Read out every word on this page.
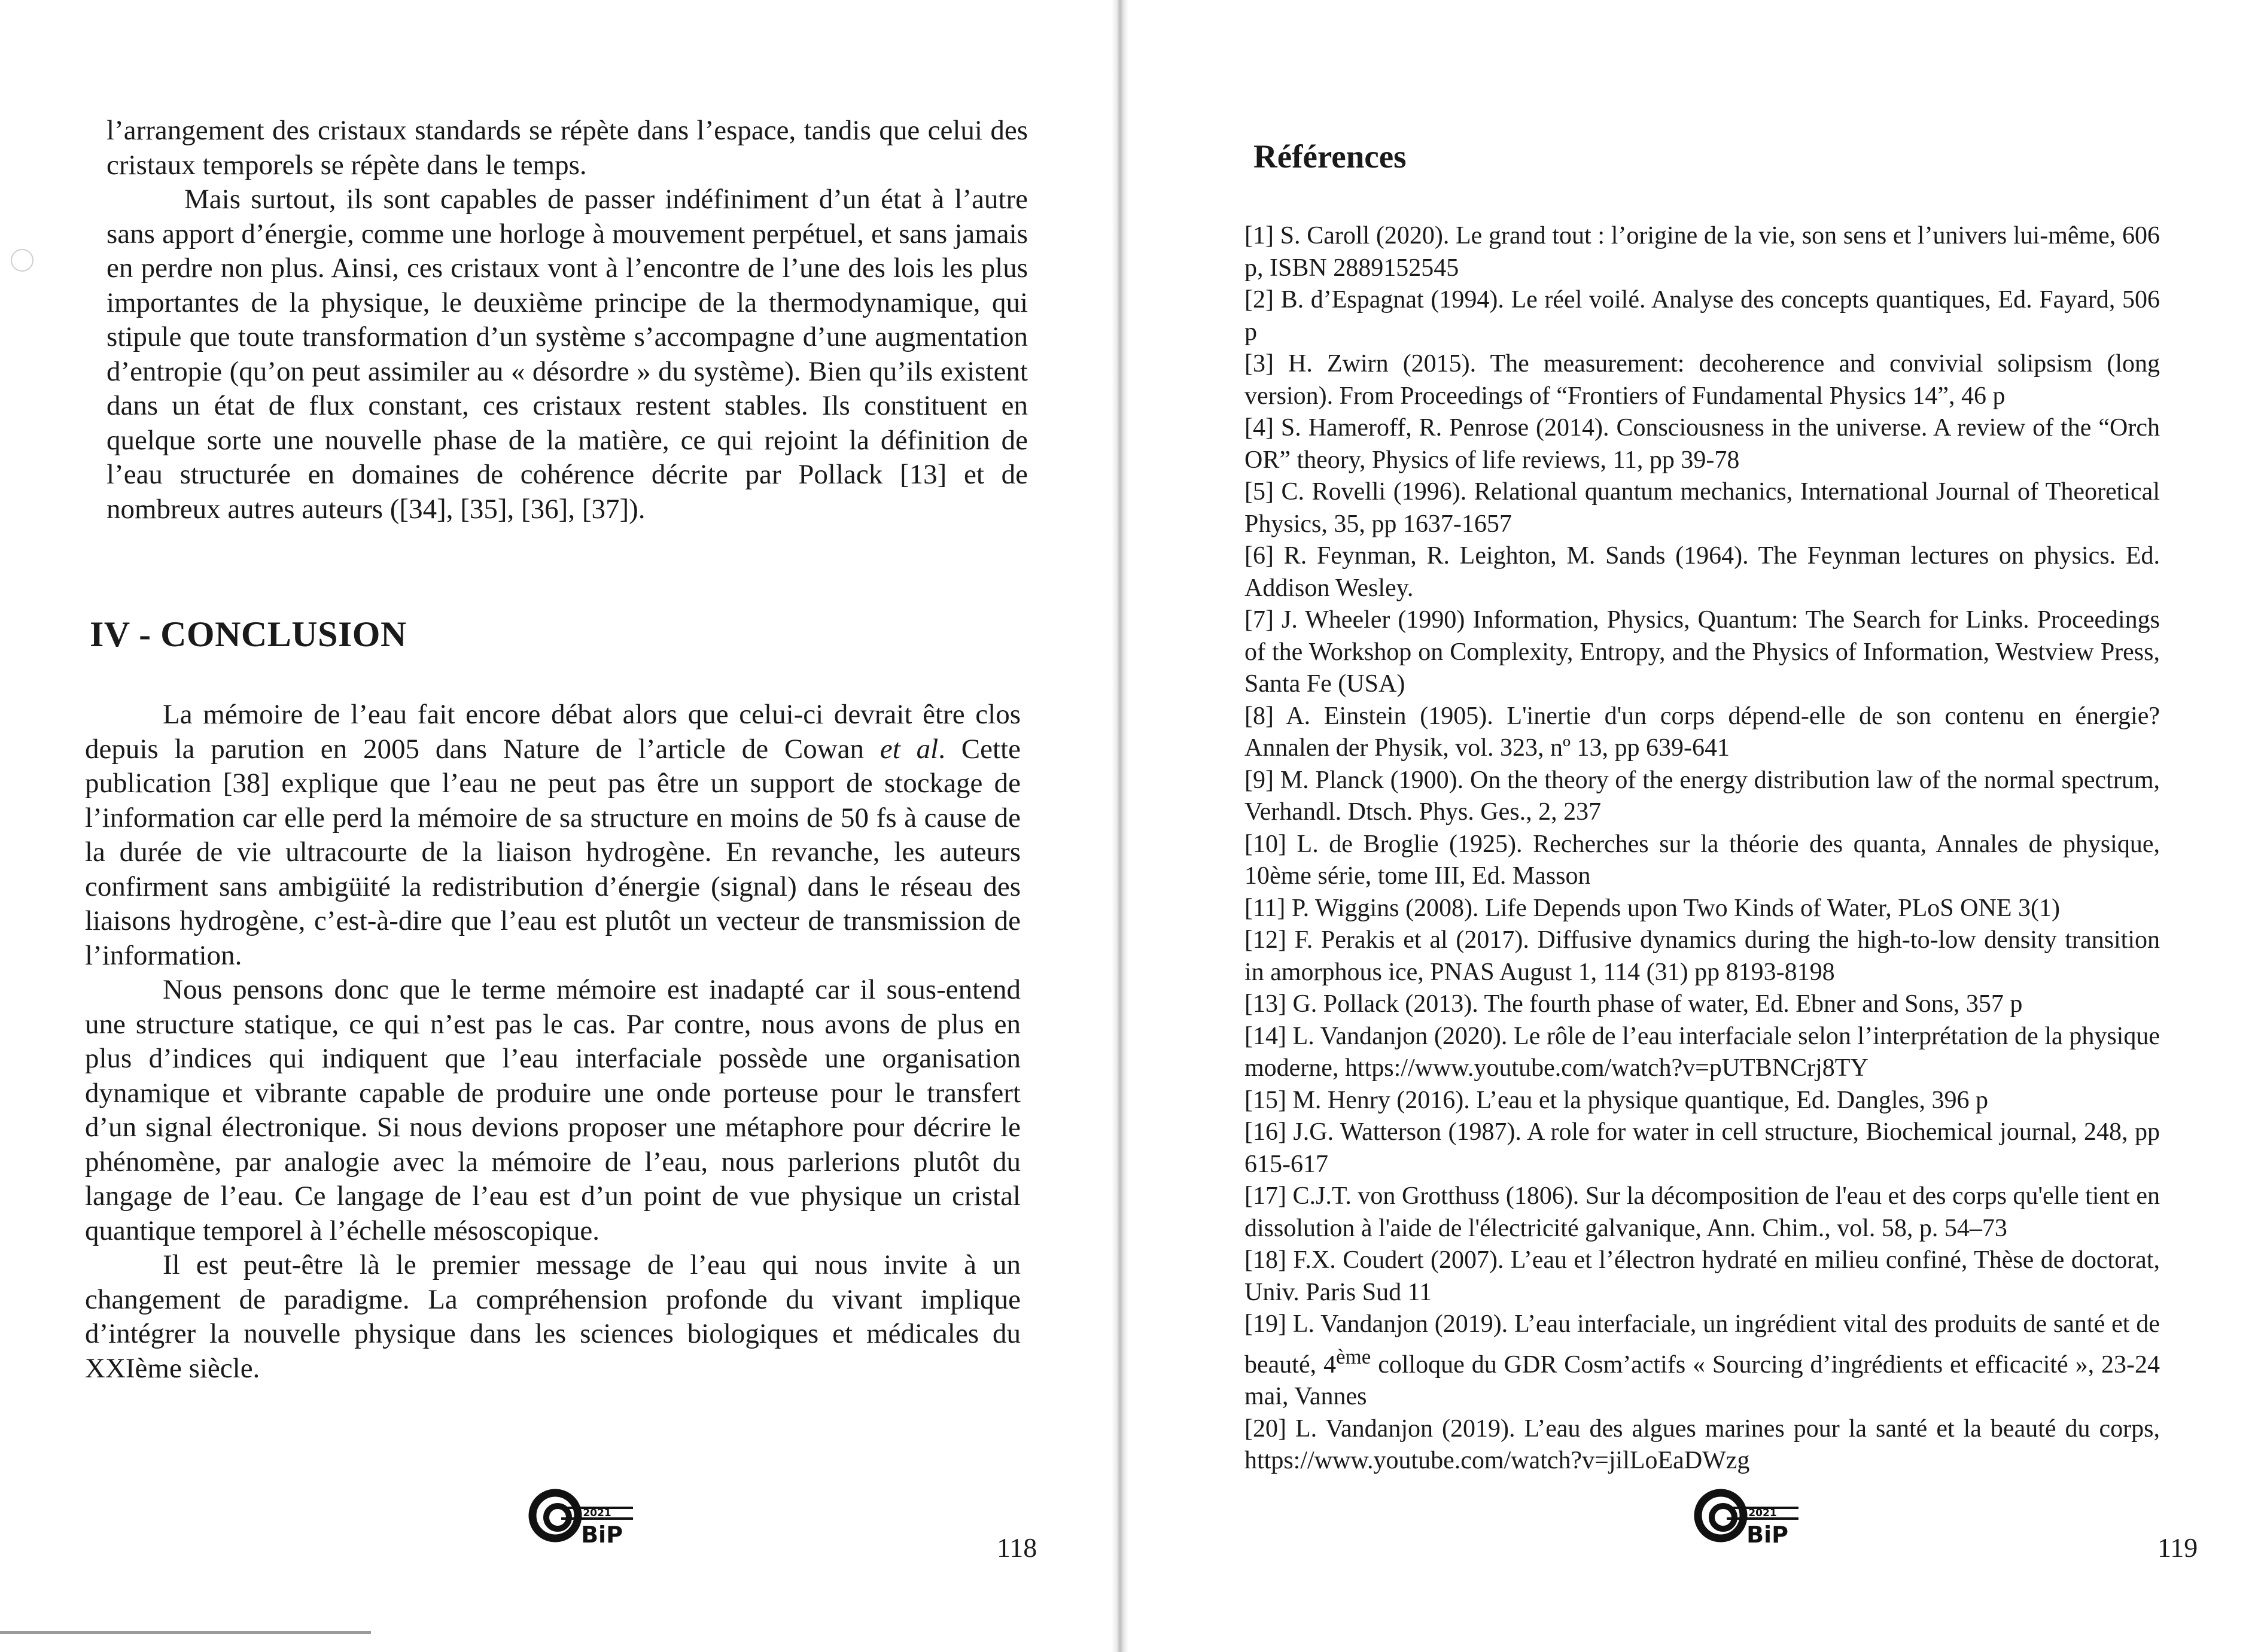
l’arrangement des cristaux standards se répète dans l’espace, tandis que celui des cristaux temporels se répète dans le temps.

Mais surtout, ils sont capables de passer indéfiniment d’un état à l’autre sans apport d’énergie, comme une horloge à mouvement perpétuel, et sans jamais en perdre non plus. Ainsi, ces cristaux vont à l’encontre de l’une des lois les plus importantes de la physique, le deuxième principe de la thermodynamique, qui stipule que toute transformation d’un système s’accompagne d’une augmentation d’entropie (qu’on peut assimiler au « désordre » du système). Bien qu’ils existent dans un état de flux constant, ces cristaux restent stables. Ils constituent en quelque sorte une nouvelle phase de la matière, ce qui rejoint la définition de l’eau structurée en domaines de cohérence décrite par Pollack [13] et de nombreux autres auteurs ([34], [35], [36], [37]).

IV - CONCLUSION

La mémoire de l’eau fait encore débat alors que celui-ci devrait être clos depuis la parution en 2005 dans Nature de l’article de Cowan et al. Cette publication [38] explique que l’eau ne peut pas être un support de stockage de l’information car elle perd la mémoire de sa structure en moins de 50 fs à cause de la durée de vie ultracourte de la liaison hydrogène. En revanche, les auteurs confirment sans ambigüité la redistribution d’énergie (signal) dans le réseau des liaisons hydrogène, c’est-à-dire que l’eau est plutôt un vecteur de transmission de l’information.

Nous pensons donc que le terme mémoire est inadapté car il sous-entend une structure statique, ce qui n’est pas le cas. Par contre, nous avons de plus en plus d’indices qui indiquent que l’eau interfaciale possède une organisation dynamique et vibrante capable de produire une onde porteuse pour le transfert d’un signal électronique. Si nous devions proposer une métaphore pour décrire le phénomène, par analogie avec la mémoire de l’eau, nous parlerions plutôt du langage de l’eau. Ce langage de l’eau est d’un point de vue physique un cristal quantique temporel à l’échelle mésoscopique.

Il est peut-être là le premier message de l’eau qui nous invite à un changement de paradigme. La compréhension profonde du vivant implique d’intégrer la nouvelle physique dans les sciences biologiques et médicales du XXIème siècle.

2021
BiP	118
Références

[1] S. Caroll (2020). Le grand tout : l’origine de la vie, son sens et l’univers lui-même, 606 p, ISBN 2889152545

[2] B. d’Espagnat (1994). Le réel voilé. Analyse des concepts quantiques, Ed. Fayard, 506 p

[3] H. Zwirn (2015). The measurement: decoherence and convivial solipsism (long version). From Proceedings of “Frontiers of Fundamental Physics 14”, 46 p

[4] S. Hameroff, R. Penrose (2014). Consciousness in the universe. A review of the “Orch OR” theory, Physics of life reviews, 11, pp 39-78

[5] C. Rovelli (1996). Relational quantum mechanics, International Journal of Theoretical Physics, 35, pp 1637-1657

[6] R. Feynman, R. Leighton, M. Sands (1964). The Feynman lectures on physics. Ed. Addison Wesley.

[7] J. Wheeler (1990) Information, Physics, Quantum: The Search for Links. Proceedings of the Workshop on Complexity, Entropy, and the Physics of Information, Westview Press, Santa Fe (USA)

[8] A. Einstein (1905). L'inertie d'un corps dépend-elle de son contenu en énergie? Annalen der Physik, vol. 323, nº 13, pp 639-641

[9] M. Planck (1900). On the theory of the energy distribution law of the normal spectrum, Verhandl. Dtsch. Phys. Ges., 2, 237

[10] L. de Broglie (1925). Recherches sur la théorie des quanta, Annales de physique, 10ème série, tome III, Ed. Masson

[11] P. Wiggins (2008). Life Depends upon Two Kinds of Water, PLoS ONE 3(1)

[12] F. Perakis et al (2017). Diffusive dynamics during the high-to-low density transition in amorphous ice, PNAS August 1, 114 (31) pp 8193-8198

[13] G. Pollack (2013). The fourth phase of water, Ed. Ebner and Sons, 357 p

[14] L. Vandanjon (2020). Le rôle de l’eau interfaciale selon l’interprétation de la physique moderne, https://www.youtube.com/watch?v=pUTBNCrj8TY

[15] M. Henry (2016). L’eau et la physique quantique, Ed. Dangles, 396 p

[16] J.G. Watterson (1987). A role for water in cell structure, Biochemical journal, 248, pp 615-617

[17] C.J.T. von Grotthuss (1806). Sur la décomposition de l'eau et des corps qu'elle tient en dissolution à l'aide de l'électricité galvanique, Ann. Chim., vol. 58, p. 54–73

[18] F.X. Coudert (2007). L’eau et l’électron hydraté en milieu confiné, Thèse de doctorat, Univ. Paris Sud 11

[19] L. Vandanjon (2019). L’eau interfaciale, un ingrédient vital des produits de santé et de beauté, 4ème colloque du GDR Cosm’actifs « Sourcing d’ingrédients et efficacité », 23-24 mai, Vannes

[20] L. Vandanjon (2019). L’eau des algues marines pour la santé et la beauté du corps, https://www.youtube.com/watch?v=jilLoEaDWzg

2021
BiP	119
